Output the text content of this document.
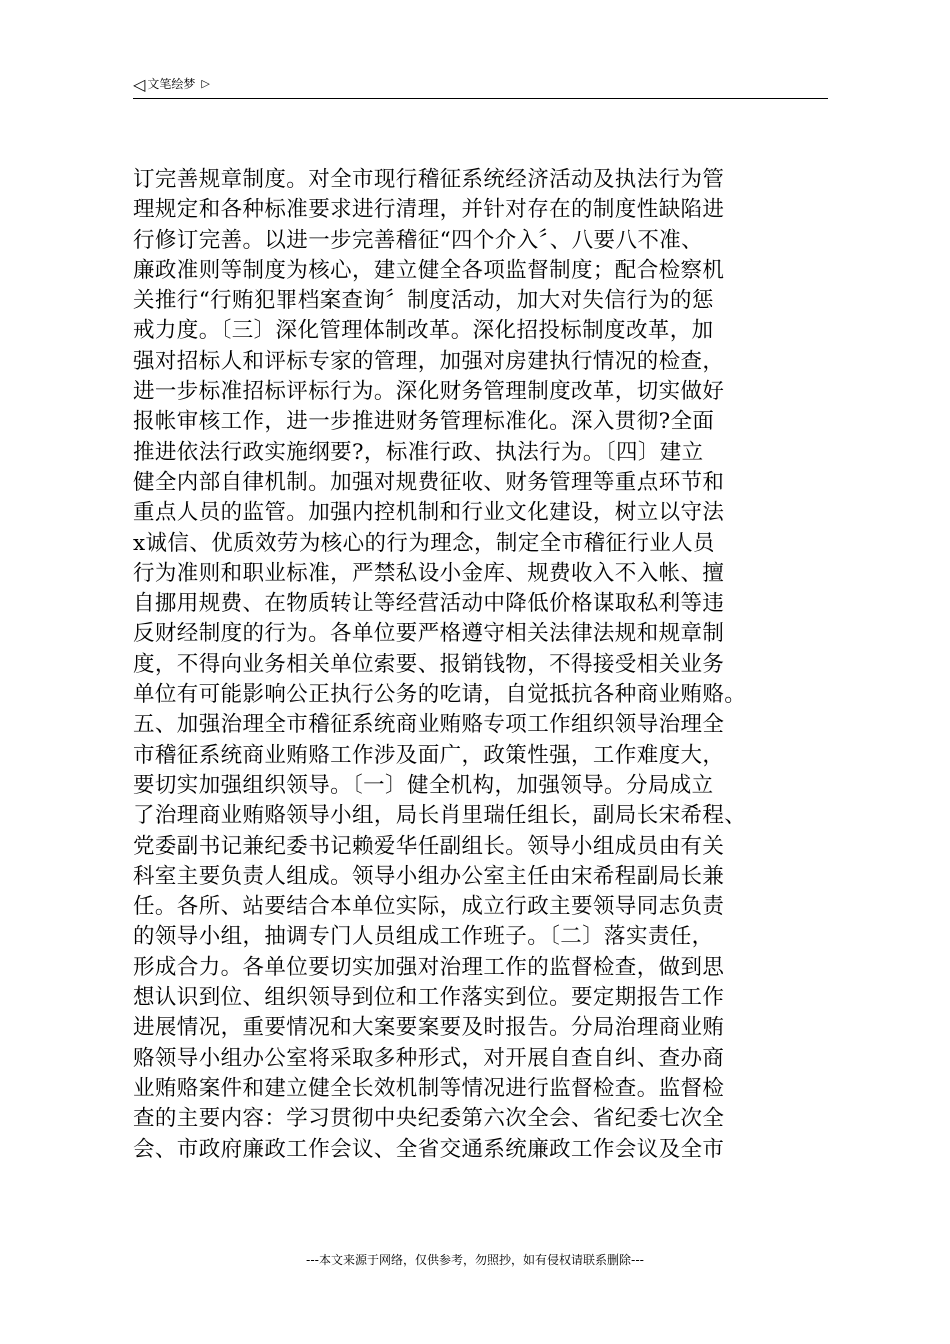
◁ 文笔绘梦 ▷
订完善规章制度。对全市现行稽征系统经济活动及执法行为管
理规定和各种标准要求进行清理，并针对存在的制度性缺陷进
行修订完善。以进一步完善稽征“四个介入〞、八要八不准、
廉政准则等制度为核心，建立健全各项监督制度；配合检察机
关推行“行贿犯罪档案查询〞制度活动，加大对失信行为的惩
戒力度。〔三〕深化管理体制改革。深化招投标制度改革，加
强对招标人和评标专家的管理，加强对房建执行情况的检查，
进一步标准招标评标行为。深化财务管理制度改革，切实做好
报帐审核工作，进一步推进财务管理标准化。深入贯彻?全面
推进依法行政实施纲要?，标准行政、执法行为。〔四〕建立
健全内部自律机制。加强对规费征收、财务管理等重点环节和
重点人员的监管。加强内控机制和行业文化建设，树立以守法
x诚信、优质效劳为核心的行为理念，制定全市稽征行业人员
行为准则和职业标准，严禁私设小金库、规费收入不入帐、擅
自挪用规费、在物质转让等经营活动中降低价格谋取私利等违
反财经制度的行为。各单位要严格遵守相关法律法规和规章制
度，不得向业务相关单位索要、报销钱物，不得接受相关业务
单位有可能影响公正执行公务的吃请，自觉抵抗各种商业贿赂。
五、加强治理全市稽征系统商业贿赂专项工作组织领导治理全
市稽征系统商业贿赂工作涉及面广，政策性强，工作难度大，
要切实加强组织领导。〔一〕健全机构，加强领导。分局成立
了治理商业贿赂领导小组，局长肖里瑞任组长，副局长宋希程、
党委副书记兼纪委书记赖爱华任副组长。领导小组成员由有关
科室主要负责人组成。领导小组办公室主任由宋希程副局长兼
任。各所、站要结合本单位实际，成立行政主要领导同志负责
的领导小组，抽调专门人员组成工作班子。〔二〕落实责任，
形成合力。各单位要切实加强对治理工作的监督检查，做到思
想认识到位、组织领导到位和工作落实到位。要定期报告工作
进展情况，重要情况和大案要案要及时报告。分局治理商业贿
赂领导小组办公室将采取多种形式，对开展自查自纠、查办商
业贿赂案件和建立健全长效机制等情况进行监督检查。监督检
查的主要内容：学习贯彻中央纪委第六次全会、省纪委七次全
会、市政府廉政工作会议、全省交通系统廉政工作会议及全市
---本文来源于网络，仅供参考，勿照抄，如有侵权请联系删除---
